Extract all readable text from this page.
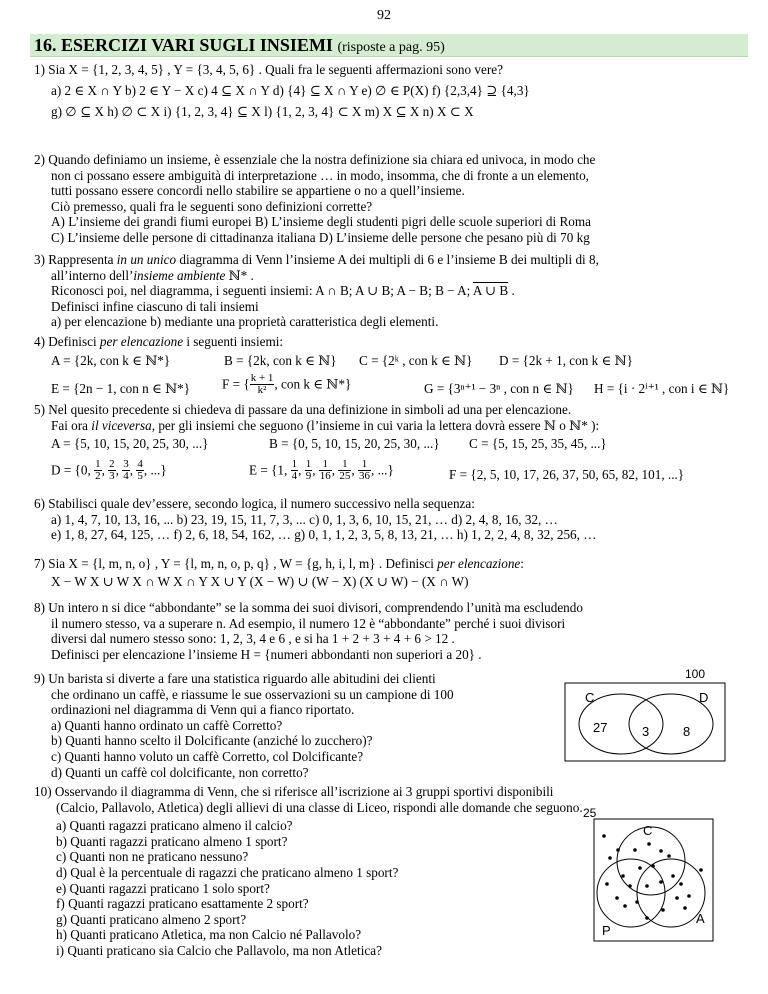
92
16. ESERCIZI VARI SUGLI INSIEMI (risposte a pag. 95)
1) Sia X = {1, 2, 3, 4, 5} , Y = {3, 4, 5, 6} . Quali fra le seguenti affermazioni sono vere?
a) 2 ∈ X ∩ Y b) 2 ∈ Y − X c) 4 ⊆ X ∩ Y d) {4} ⊆ X ∩ Y e) ∅ ∈ P(X) f) {2,3,4} ⊇ {4,3}
g) ∅ ⊆ X h) ∅ ⊂ X i) {1, 2, 3, 4} ⊆ X l) {1, 2, 3, 4} ⊂ X m) X ⊆ X n) X ⊂ X
2) Quando definiamo un insieme, è essenziale che la nostra definizione sia chiara ed univoca, in modo che
non ci possano essere ambiguità di interpretazione … in modo, insomma, che di fronte a un elemento,
tutti possano essere concordi nello stabilire se appartiene o no a quell’insieme.
Ciò premesso, quali fra le seguenti sono definizioni corrette?
A) L’insieme dei grandi fiumi europei B) L’insieme degli studenti pigri delle scuole superiori di Roma
C) L’insieme delle persone di cittadinanza italiana D) L’insieme delle persone che pesano più di 70 kg
3) Rappresenta in un unico diagramma di Venn l’insieme A dei multipli di 6 e l’insieme B dei multipli di 8,
all’interno dell’insieme ambiente ℕ* .
Riconosci poi, nel diagramma, i seguenti insiemi: A ∩ B; A ∪ B; A − B; B − A; A ∪ B .
Definisci infine ciascuno di tali insiemi
a) per elencazione b) mediante una proprietà caratteristica degli elementi.
4) Definisci per elencazione i seguenti insiemi:
A = {2k, con k ∈ ℕ*}	B = {2k, con k ∈ ℕ} C = {2ᵏ , con k ∈ ℕ} D = {2k + 1, con k ∈ ℕ}
E = {2n − 1, con n ∈ ℕ*} F = { $\frac{k + 1}{\text{k²}}$ , con k ∈ ℕ*}	G = {3ⁿ⁺¹ − 3ⁿ , con n ∈ ℕ} H = {i · 2ⁱ⁺¹ , con i ∈ ℕ}
5) Nel quesito precedente si chiedeva di passare da una definizione in simboli ad una per elencazione.
Fai ora il viceversa, per gli insiemi che seguono (l’insieme in cui varia la lettera dovrà essere ℕ o ℕ* ):
A = {5, 10, 15, 20, 25, 30, ...}	B = {0, 5, 10, 15, 20, 25, 30, ...} C = {5, 15, 25, 35, 45, ...}
D = {0, $\frac{1}{2}$ , $\frac{2}{3}$ , $\frac{3}{4}$ , $\frac{4}{5}$ , ...}	E = {1, $\frac{1}{4}$ , $\frac{1}{9}$ , $\frac{1}{16}$ , $\frac{1}{25}$ , $\frac{1}{36}$ , ...}	F = {2, 5, 10, 17, 26, 37, 50, 65, 82, 101, ...}
6) Stabilisci quale dev’essere, secondo logica, il numero successivo nella sequenza:
a) 1, 4, 7, 10, 13, 16, ... b) 23, 19, 15, 11, 7, 3, ... c) 0, 1, 3, 6, 10, 15, 21, … d) 2, 4, 8, 16, 32, …
e) 1, 8, 27, 64, 125, … f) 2, 6, 18, 54, 162, … g) 0, 1, 1, 2, 3, 5, 8, 13, 21, … h) 1, 2, 2, 4, 8, 32, 256, …
7) Sia X = {l, m, n, o} , Y = {l, m, n, o, p, q} , W = {g, h, i, l, m} . Definisci per elencazione:
X − W X ∪ W X ∩ W X ∩ Y X ∪ Y (X − W) ∪ (W − X) (X ∪ W) − (X ∩ W)
8) Un intero n si dice “abbondante” se la somma dei suoi divisori, comprendendo l’unità ma escludendo
il numero stesso, va a superare n. Ad esempio, il numero 12 è “abbondante” perché i suoi divisori
diversi dal numero stesso sono: 1, 2, 3, 4 e 6 , e si ha 1 + 2 + 3 + 4 + 6 > 12 .
Definisci per elencazione l’insieme H = {numeri abbondanti non superiori a 20} .
9) Un barista si diverte a fare una statistica riguardo alle abitudini dei clienti
che ordinano un caffè, e riassume le sue osservazioni su un campione di 100
ordinazioni nel diagramma di Venn qui a fianco riportato.
a) Quanti hanno ordinato un caffè Corretto?
b) Quanti hanno scelto il Dolcificante (anziché lo zucchero)?
c) Quanti hanno voluto un caffè Corretto, col Dolcificante?
d) Quanti un caffè col dolcificante, non corretto?
100
C	D
27	3	8
10) Osservando il diagramma di Venn, che si riferisce all’iscrizione ai 3 gruppi sportivi disponibili
(Calcio, Pallavolo, Atletica) degli allievi di una classe di Liceo, rispondi alle domande che seguono.
a) Quanti ragazzi praticano almeno il calcio?
b) Quanti ragazzi praticano almeno 1 sport?
c) Quanti non ne praticano nessuno?
d) Qual è la percentuale di ragazzi che praticano almeno 1 sport?
e) Quanti ragazzi praticano 1 solo sport?
f) Quanti ragazzi praticano esattamente 2 sport?
g) Quanti praticano almeno 2 sport?
h) Quanti praticano Atletica, ma non Calcio né Pallavolo?
i) Quanti praticano sia Calcio che Pallavolo, ma non Atletica?
25
C
P
A
